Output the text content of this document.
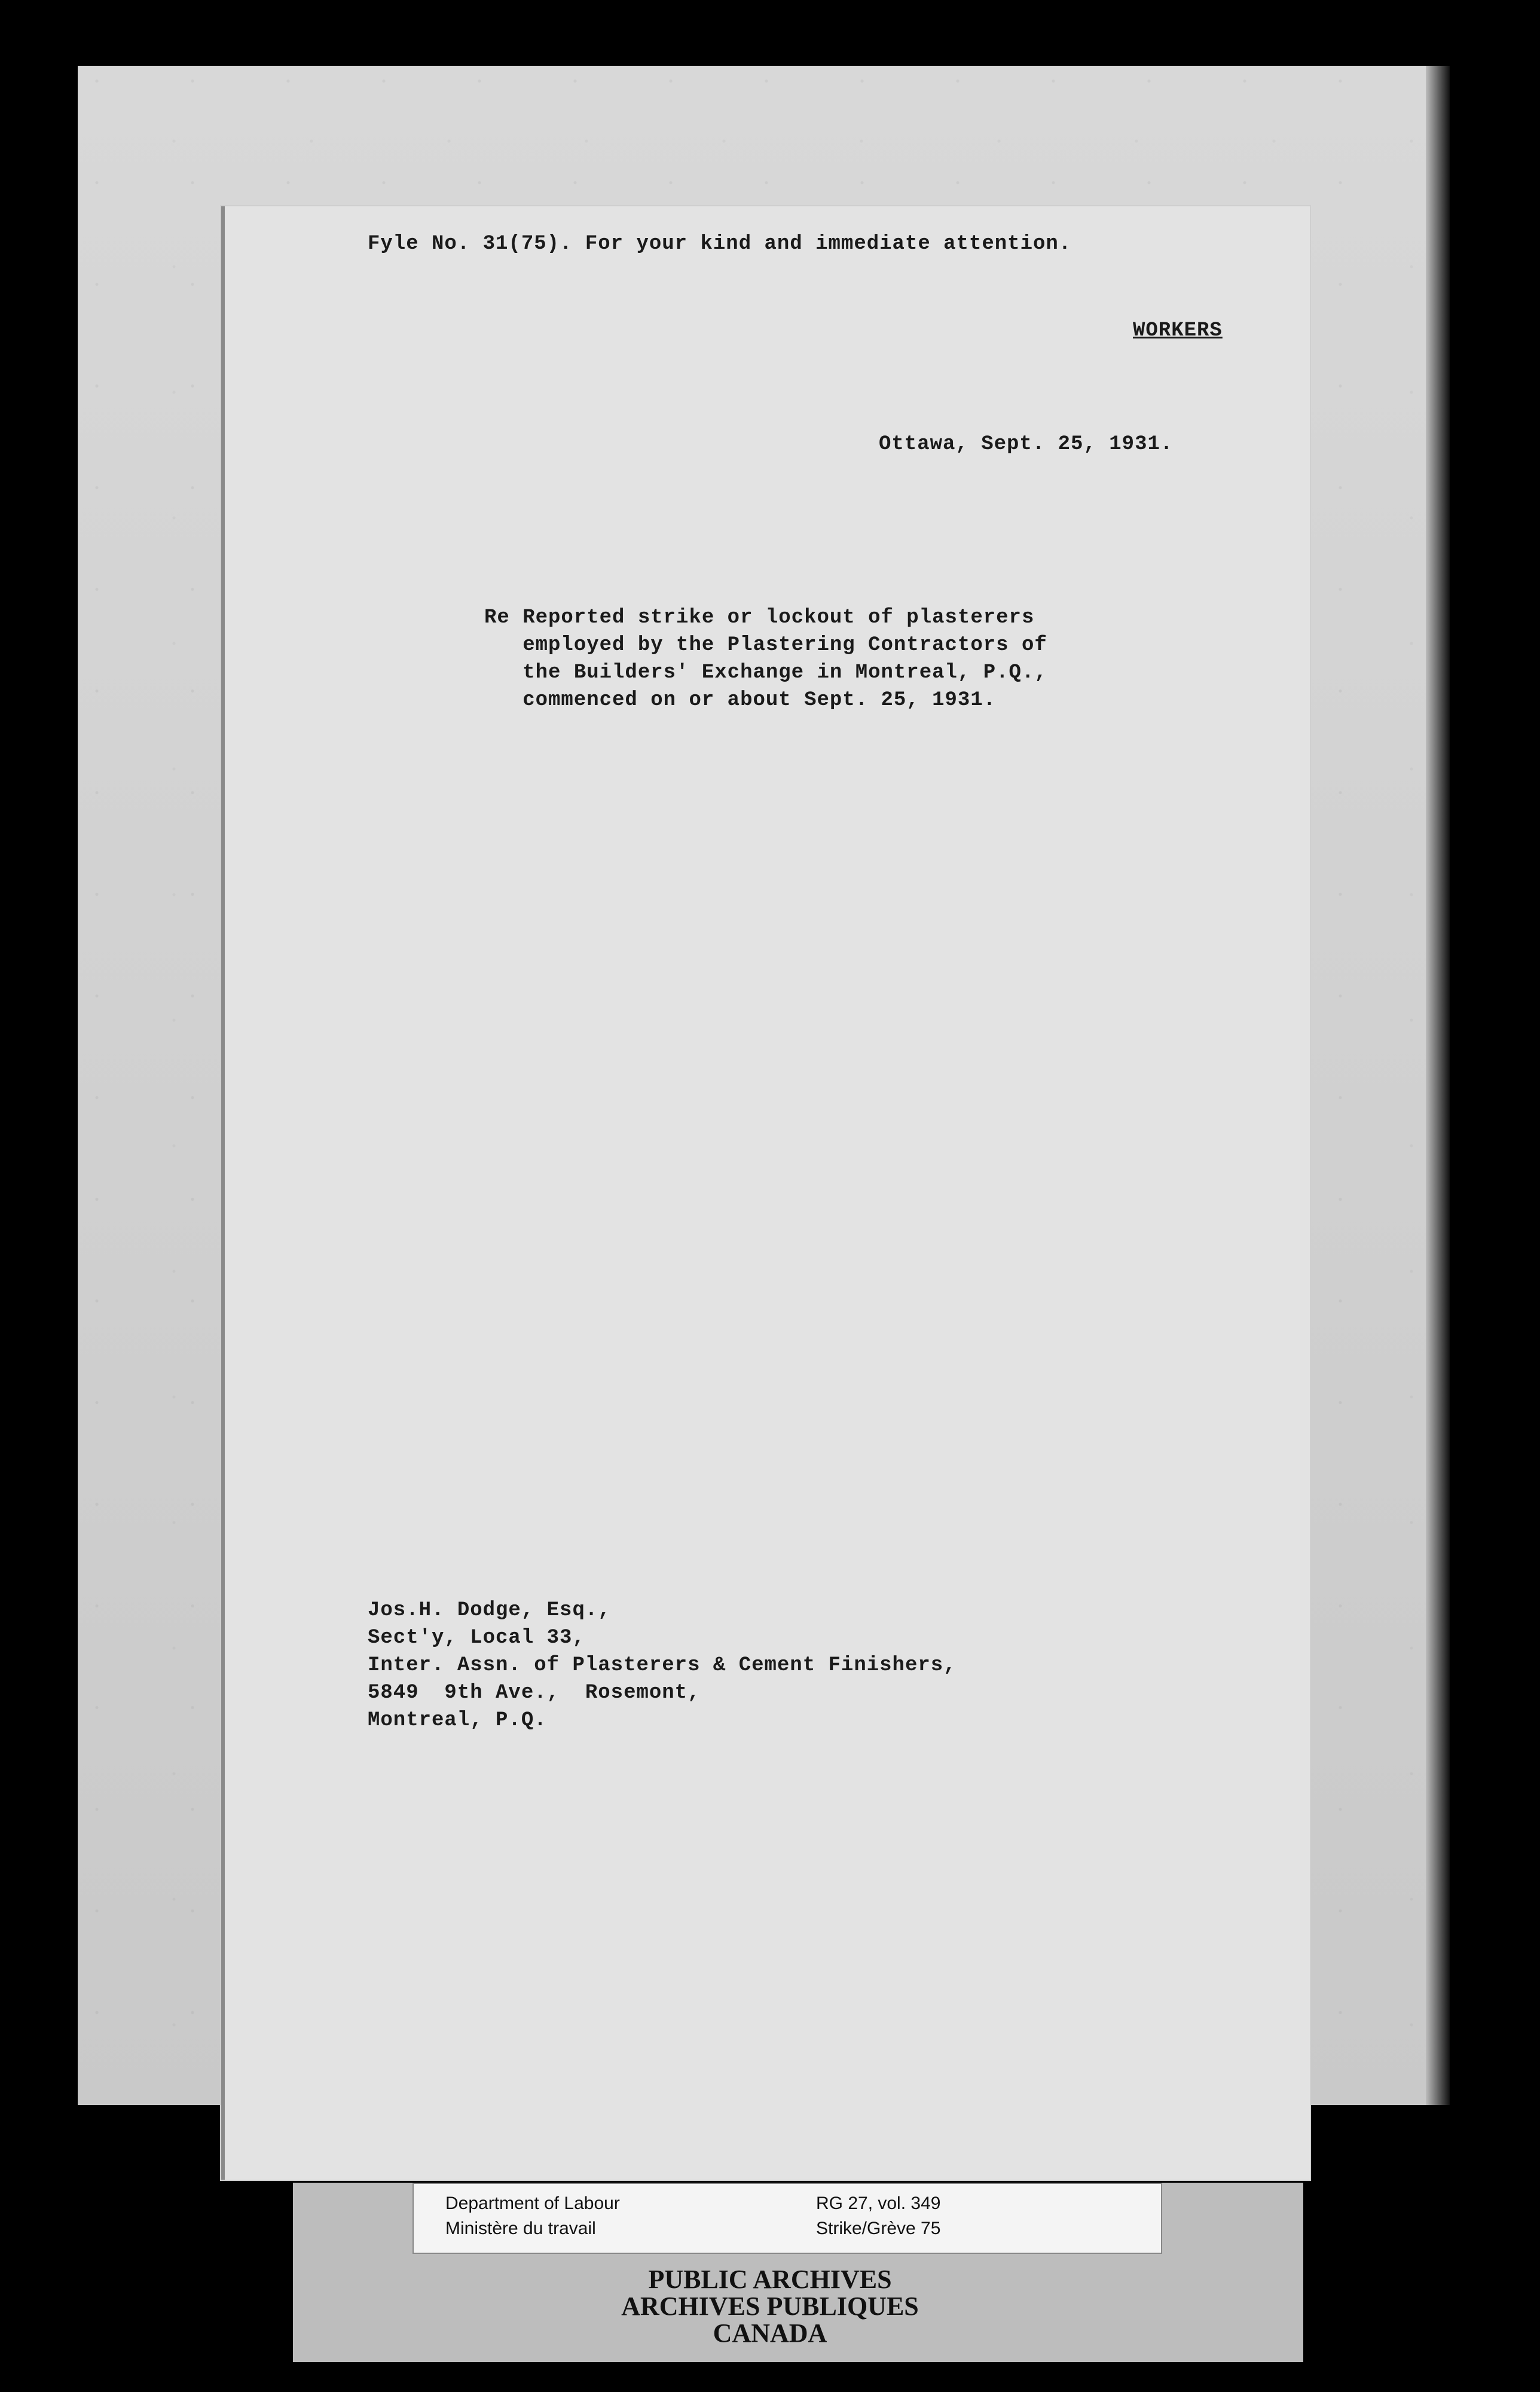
Fyle No. 31(75). For your kind and immediate attention.
WORKERS
Ottawa, Sept. 25, 1931.
Re Reported strike or lockout of plasterers
employed by the Plastering Contractors of
the Builders' Exchange in Montreal, P.Q.,
commenced on or about Sept. 25, 1931.
Jos.H. Dodge, Esq.,
Sect'y, Local 33,
Inter. Assn. of Plasterers & Cement Finishers,
5849  9th Ave.,  Rosemont,
Montreal, P.Q.
Department of Labour
Ministère du travail
RG 27, vol. 349
Strike/Grève 75
PUBLIC ARCHIVES
ARCHIVES PUBLIQUES
CANADA
